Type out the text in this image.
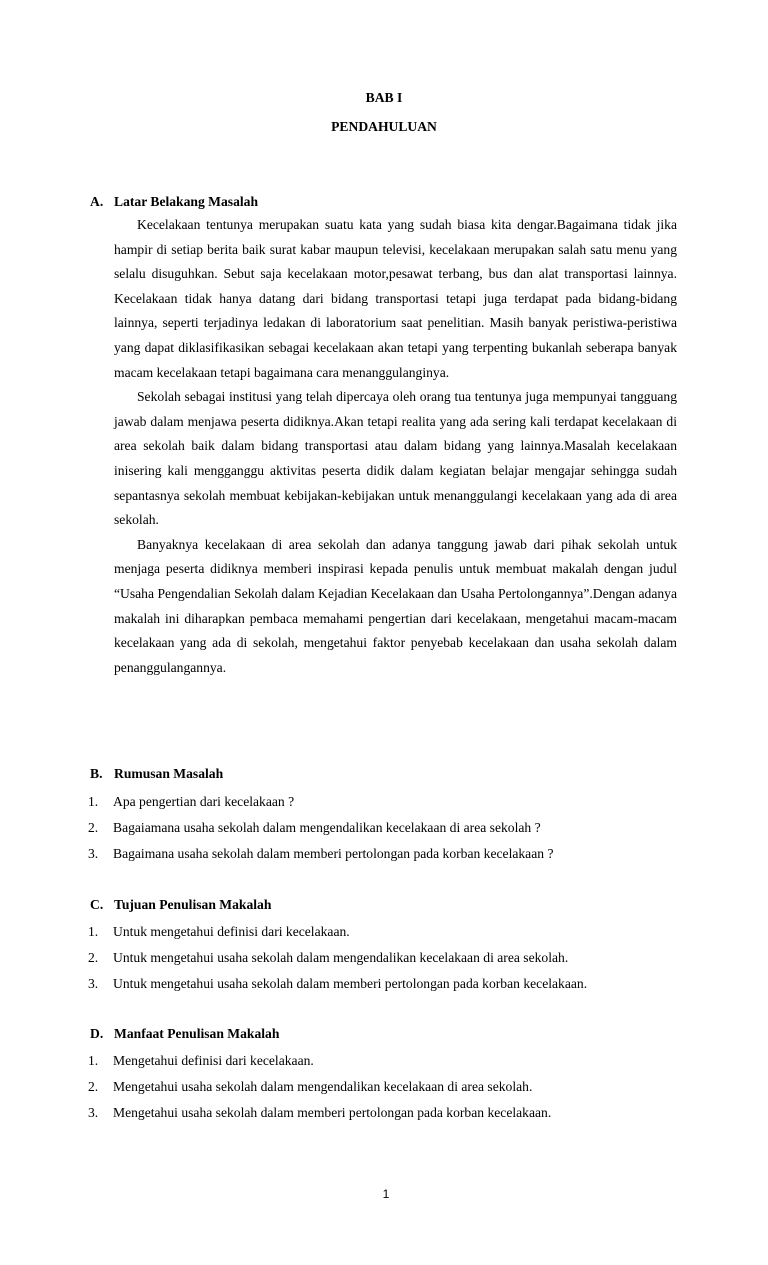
BAB I
PENDAHULUAN
A. Latar Belakang Masalah

Kecelakaan tentunya merupakan suatu kata yang sudah biasa kita dengar.Bagaimana tidak jika hampir di setiap berita baik surat kabar maupun televisi, kecelakaan merupakan salah satu menu yang selalu disuguhkan. Sebut saja kecelakaan motor,pesawat terbang, bus dan alat transportasi lainnya. Kecelakaan tidak hanya datang dari bidang transportasi tetapi juga terdapat pada bidang-bidang lainnya, seperti terjadinya ledakan di laboratorium saat penelitian. Masih banyak peristiwa-peristiwa yang dapat diklasifikasikan sebagai kecelakaan akan tetapi yang terpenting bukanlah seberapa banyak macam kecelakaan tetapi bagaimana cara menanggulanginya.

Sekolah sebagai institusi yang telah dipercaya oleh orang tua tentunya juga mempunyai tangguang jawab dalam menjawa peserta didiknya.Akan tetapi realita yang ada sering kali terdapat kecelakaan di area sekolah baik dalam bidang transportasi atau dalam bidang yang lainnya.Masalah kecelakaan inisering kali mengganggu aktivitas peserta didik dalam kegiatan belajar mengajar sehingga sudah sepantasnya sekolah membuat kebijakan-kebijakan untuk menanggulangi kecelakaan yang ada di area sekolah.

Banyaknya kecelakaan di area sekolah dan adanya tanggung jawab dari pihak sekolah untuk menjaga peserta didiknya memberi inspirasi kepada penulis untuk membuat makalah dengan judul “Usaha Pengendalian Sekolah dalam Kejadian Kecelakaan dan Usaha Pertolongannya”.Dengan adanya makalah ini diharapkan pembaca memahami pengertian dari kecelakaan, mengetahui macam-macam kecelakaan yang ada di sekolah, mengetahui faktor penyebab kecelakaan dan usaha sekolah dalam penanggulangannya.

B. Rumusan Masalah
1. Apa pengertian dari kecelakaan ?
2. Bagaiamana usaha sekolah dalam mengendalikan kecelakaan di area sekolah ?
3. Bagaimana usaha sekolah dalam memberi pertolongan pada korban kecelakaan ?
C. Tujuan Penulisan Makalah
1. Untuk mengetahui definisi dari kecelakaan.
2. Untuk mengetahui usaha sekolah dalam mengendalikan kecelakaan di area sekolah.
3. Untuk mengetahui usaha sekolah dalam memberi pertolongan pada korban kecelakaan.
D. Manfaat Penulisan Makalah
1. Mengetahui definisi dari kecelakaan.
2. Mengetahui usaha sekolah dalam mengendalikan kecelakaan di area sekolah.
3. Mengetahui usaha sekolah dalam memberi pertolongan pada korban kecelakaan.
1
